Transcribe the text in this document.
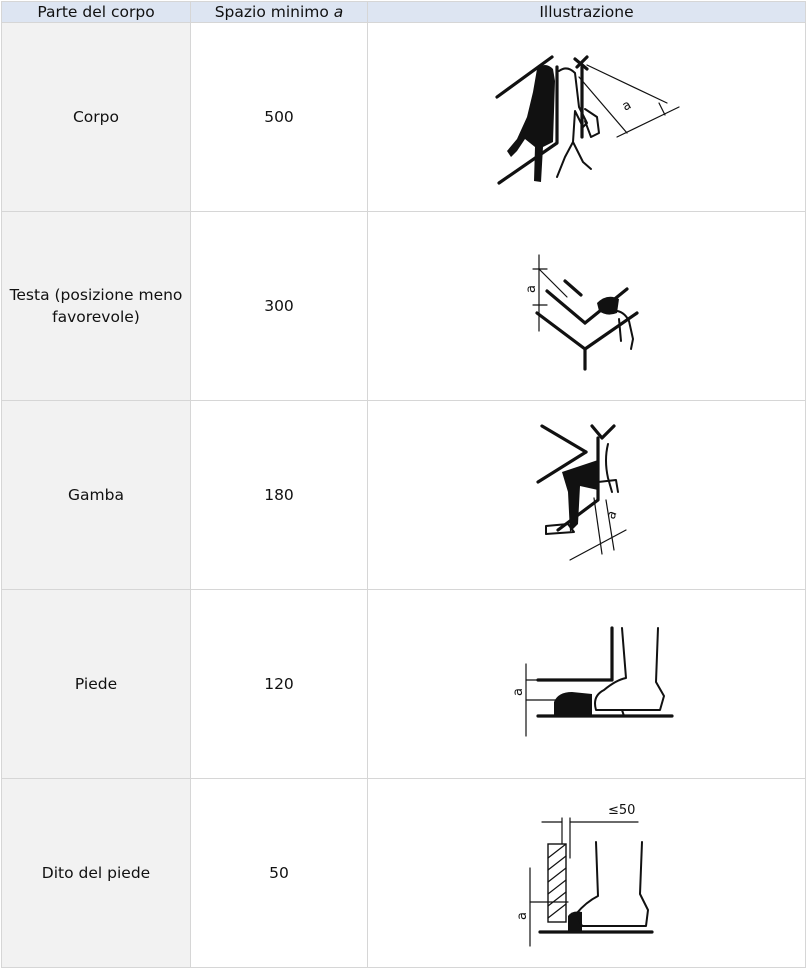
Parte del corpo	Spazio minimo a	Illustrazione
Corpo	500	a

Testa (posizione meno favorevole)	300	a

Gamba	180	a

Piede	120	a

Dito del piede	50	≤50
a
